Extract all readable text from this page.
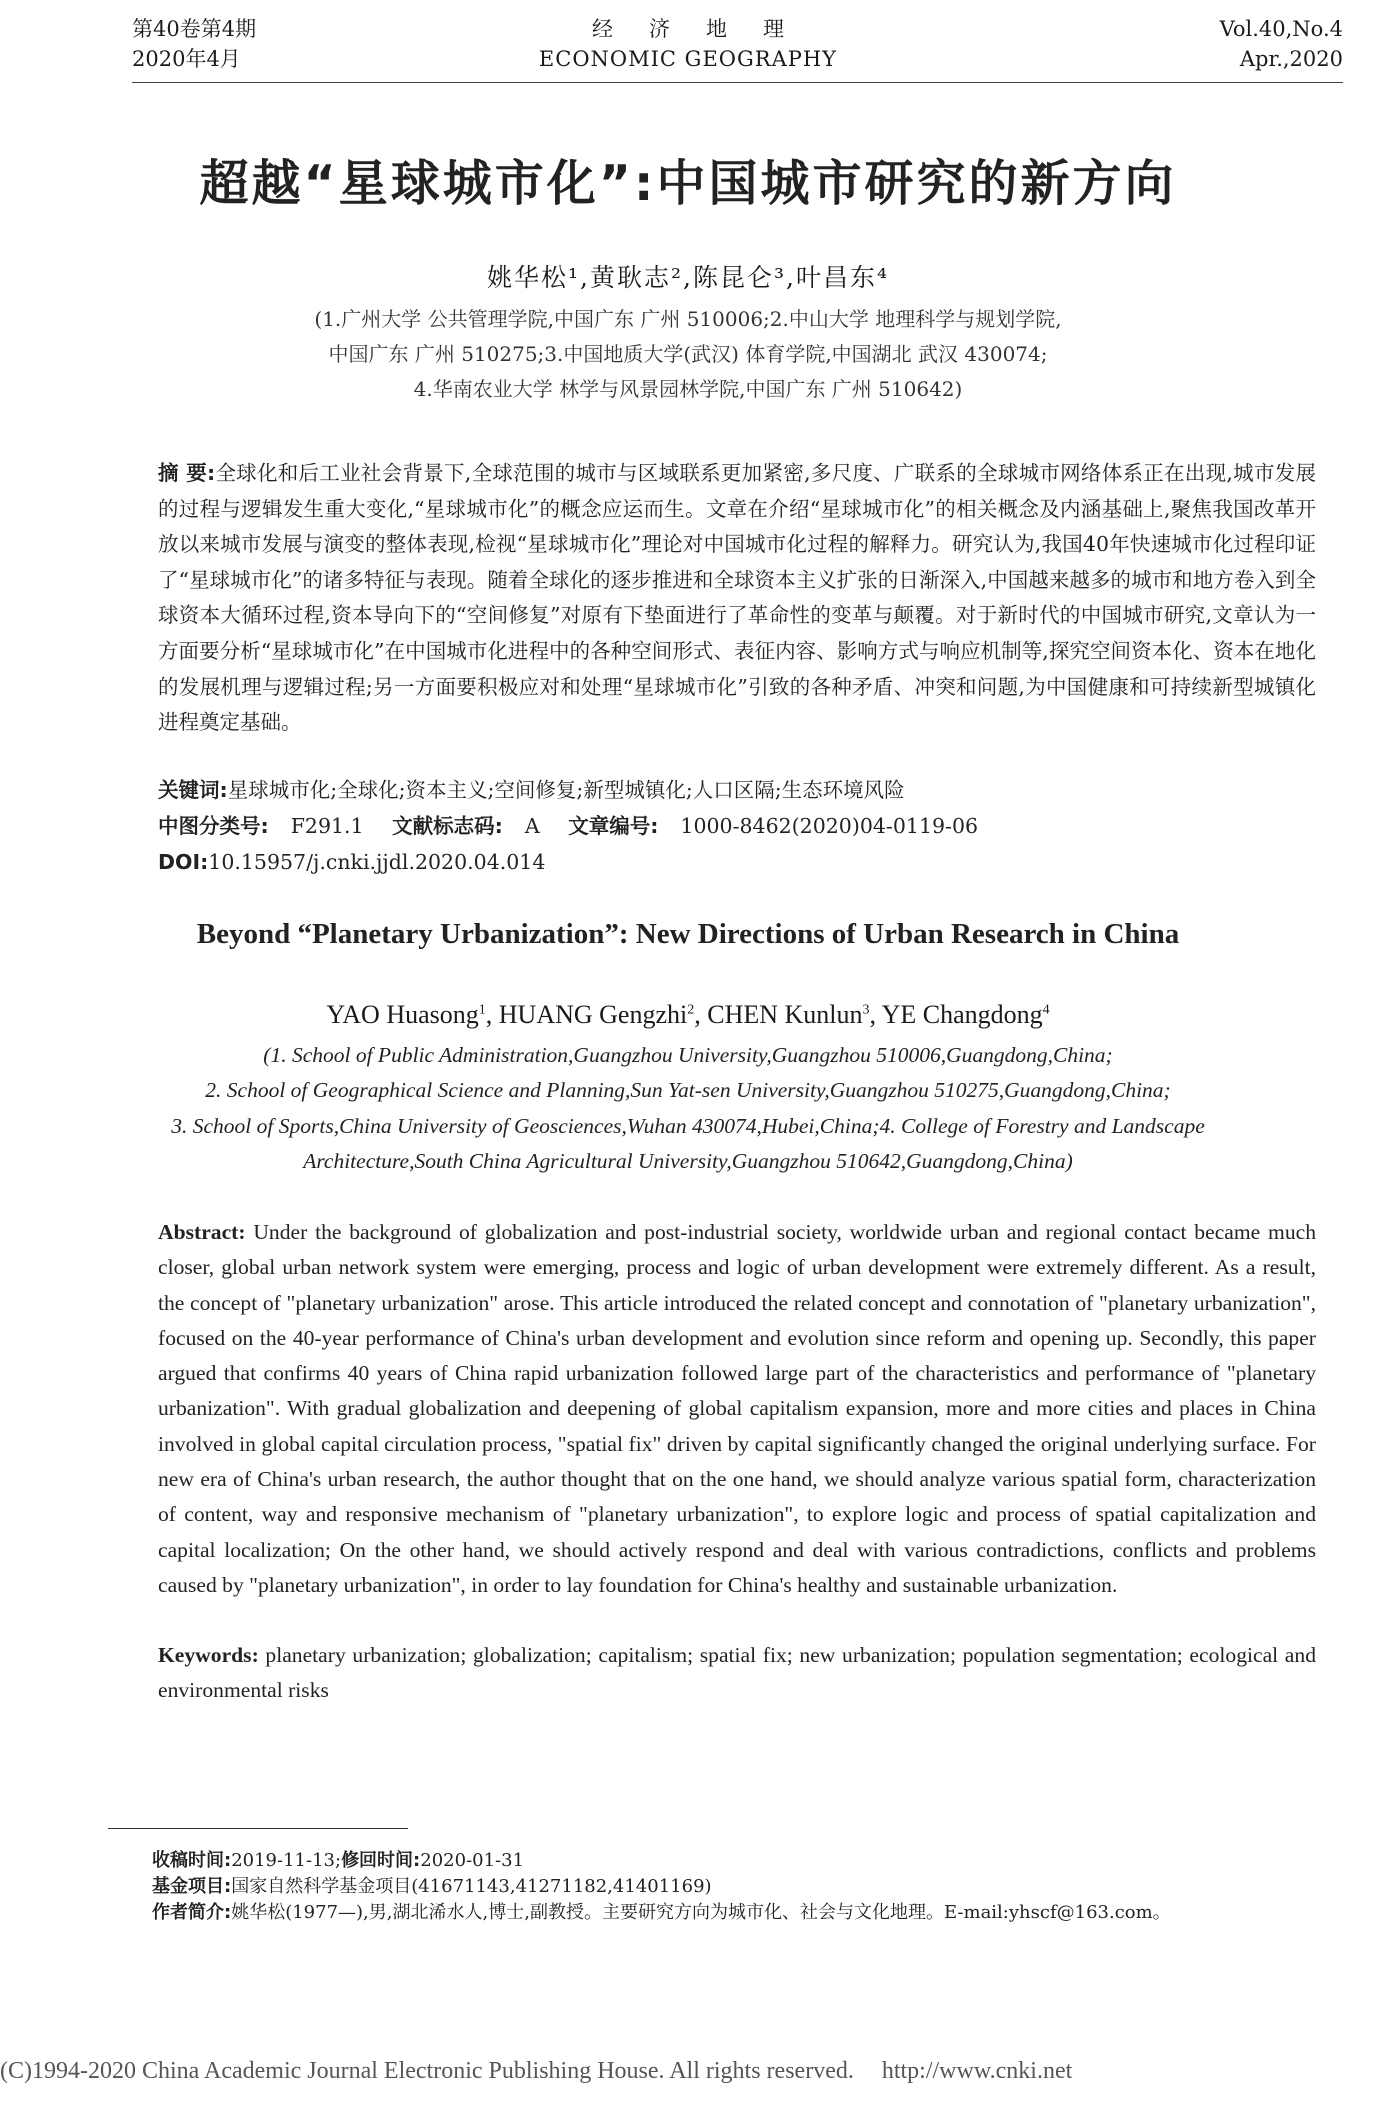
第40卷第4期
2020年4月
经济地理
ECONOMIC GEOGRAPHY
Vol.40,No.4
Apr.,2020
超越“星球城市化”:中国城市研究的新方向
姚华松¹,黄耿志²,陈昆仑³,叶昌东⁴
(1.广州大学 公共管理学院,中国广东 广州 510006;2.中山大学 地理科学与规划学院,
中国广东 广州 510275;3.中国地质大学(武汉) 体育学院,中国湖北 武汉 430074;
4.华南农业大学 林学与风景园林学院,中国广东 广州 510642)
摘 要:全球化和后工业社会背景下,全球范围的城市与区域联系更加紧密,多尺度、广联系的全球城市网络体系正在出现,城市发展的过程与逻辑发生重大变化,“星球城市化”的概念应运而生。文章在介绍“星球城市化”的相关概念及内涵基础上,聚焦我国改革开放以来城市发展与演变的整体表现,检视“星球城市化”理论对中国城市化过程的解释力。研究认为,我国40年快速城市化过程印证了“星球城市化”的诸多特征与表现。随着全球化的逐步推进和全球资本主义扩张的日渐深入,中国越来越多的城市和地方卷入到全球资本大循环过程,资本导向下的“空间修复”对原有下垫面进行了革命性的变革与颠覆。对于新时代的中国城市研究,文章认为一方面要分析“星球城市化”在中国城市化进程中的各种空间形式、表征内容、影响方式与响应机制等,探究空间资本化、资本在地化的发展机理与逻辑过程;另一方面要积极应对和处理“星球城市化”引致的各种矛盾、冲突和问题,为中国健康和可持续新型城镇化进程奠定基础。
关键词:星球城市化;全球化;资本主义;空间修复;新型城镇化;人口区隔;生态环境风险
中图分类号: F291.1 文献标志码: A 文章编号: 1000-8462(2020)04-0119-06
DOI:10.15957/j.cnki.jjdl.2020.04.014
Beyond “Planetary Urbanization”: New Directions of Urban Research in China
YAO Huasong$^1$, HUANG Gengzhi$^2$, CHEN Kunlun$^3$, YE Changdong$^4$
(1. School of Public Administration,Guangzhou University,Guangzhou 510006,Guangdong,China;
2. School of Geographical Science and Planning,Sun Yat-sen University,Guangzhou 510275,Guangdong,China;
3. School of Sports,China University of Geosciences,Wuhan 430074,Hubei,China;4. College of Forestry and Landscape
Architecture,South China Agricultural University,Guangzhou 510642,Guangdong,China)
Abstract: Under the background of globalization and post-industrial society, worldwide urban and regional contact became much closer, global urban network system were emerging, process and logic of urban development were extremely different. As a result, the concept of "planetary urbanization" arose. This article introduced the related concept and connotation of "planetary urbanization", focused on the 40-year performance of China's urban development and evolution since reform and opening up. Secondly, this paper argued that confirms 40 years of China rapid urbanization followed large part of the characteristics and performance of "planetary urbanization". With gradual globalization and deepening of global capitalism expansion, more and more cities and places in China involved in global capital circulation process, "spatial fix" driven by capital significantly changed the original underlying surface. For new era of China's urban research, the author thought that on the one hand, we should analyze various spatial form, characterization of content, way and responsive mechanism of "planetary urbanization", to explore logic and process of spatial capitalization and capital localization; On the other hand, we should actively respond and deal with various contradictions, conflicts and problems caused by "planetary urbanization", in order to lay foundation for China's healthy and sustainable urbanization.
Keywords: planetary urbanization; globalization; capitalism; spatial fix; new urbanization; population segmentation; ecological and environmental risks
收稿时间:2019-11-13;修回时间:2020-01-31
基金项目:国家自然科学基金项目(41671143,41271182,41401169)
作者简介:姚华松(1977—),男,湖北浠水人,博士,副教授。主要研究方向为城市化、社会与文化地理。E-mail:yhscf@163.com。
(C)1994-2020 China Academic Journal Electronic Publishing House. All rights reserved. http://www.cnki.net
